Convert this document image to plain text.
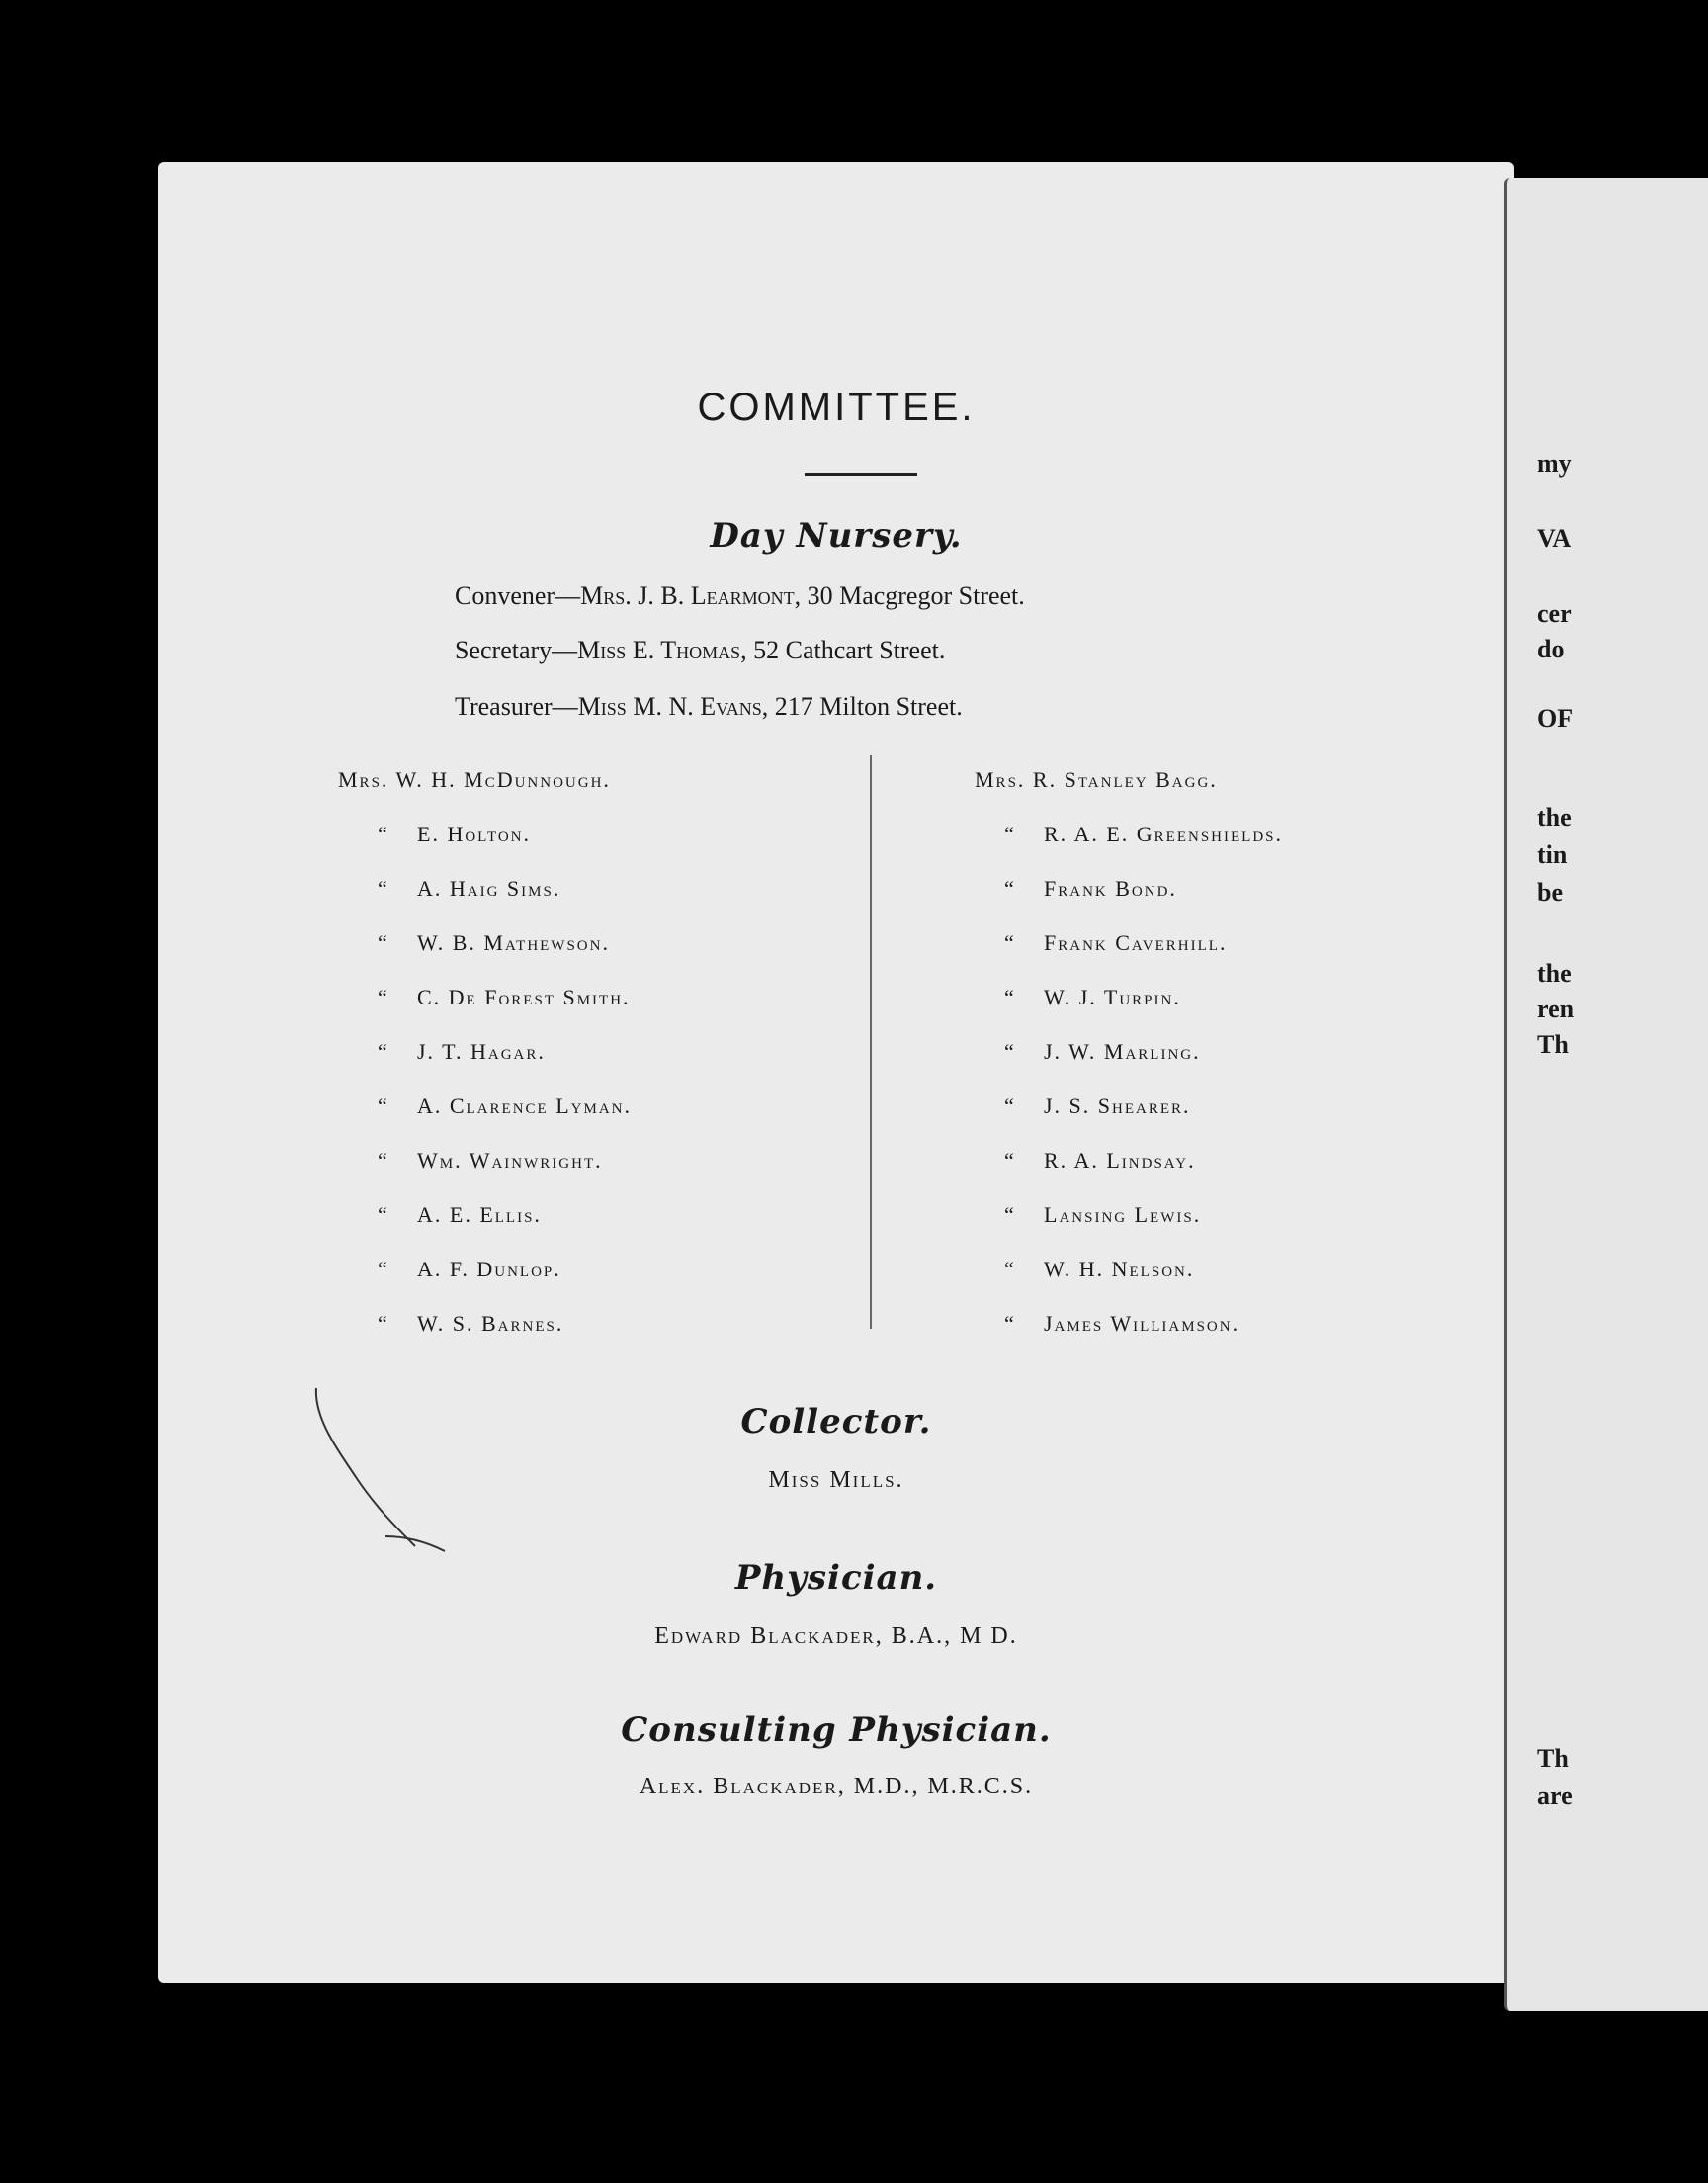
COMMITTEE.
Day Nursery.
Convener—Mrs. J. B. Learmont, 30 Macgregor Street.
Secretary—Miss E. Thomas, 52 Cathcart Street.
Treasurer—Miss M. N. Evans, 217 Milton Street.
Mrs. W. H. McDunnough.
“ E. Holton.
“ A. Haig Sims.
“ W. B. Mathewson.
“ C. De Forest Smith.
“ J. T. Hagar.
“ A. Clarence Lyman.
“ Wm. Wainwright.
“ A. E. Ellis.
“ A. F. Dunlop.
“ W. S. Barnes.
Mrs. R. Stanley Bagg.
“ R. A. E. Greenshields.
“ Frank Bond.
“ Frank Caverhill.
“ W. J. Turpin.
“ J. W. Marling.
“ J. S. Shearer.
“ R. A. Lindsay.
“ Lansing Lewis.
“ W. H. Nelson.
“ James Williamson.
Collector.
Miss Mills.
Physician.
Edward Blackader, B.A., M D.
Consulting Physician.
Alex. Blackader, M.D., M.R.C.S.
my
VA
cer
do
OF
the
tin
be
the
ren
Th
Th
are
